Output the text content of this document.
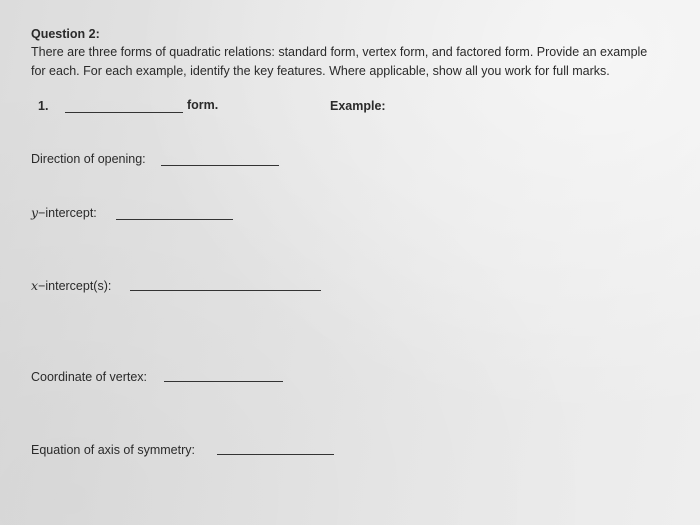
Question 2:
There are three forms of quadratic relations: standard form, vertex form, and factored form. Provide an example
for each. For each example, identify the key features. Where applicable, show all you work for full marks.
1.	form.	Example:
Direction of opening:
y−intercept:
x−intercept(s):
Coordinate of vertex:
Equation of axis of symmetry:
